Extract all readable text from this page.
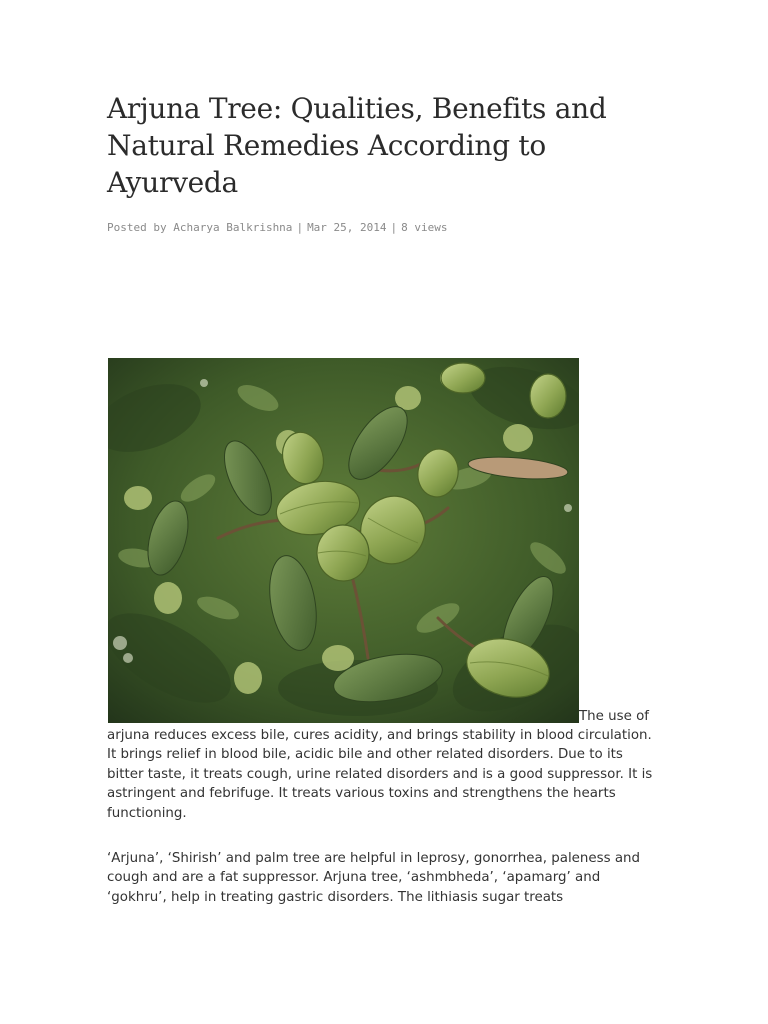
Arjuna Tree: Qualities, Benefits and Natural Remedies According to Ayurveda
Posted by Acharya Balkrishna | Mar 25, 2014 | 8 views
The use of

arjuna reduces excess bile, cures acidity, and brings stability in blood circulation. It brings relief in blood bile, acidic bile and other related disorders. Due to its bitter taste, it treats cough, urine related disorders and is a good suppressor. It is astringent and febrifuge. It treats various toxins and strengthens the hearts functioning.

‘Arjuna’, ‘Shirish’ and palm tree are helpful in leprosy, gonorrhea, paleness and cough and are a fat suppressor. Arjuna tree, ‘ashmbheda’, ‘apamarg’ and ‘gokhru’, help in treating gastric disorders. The lithiasis sugar treats
